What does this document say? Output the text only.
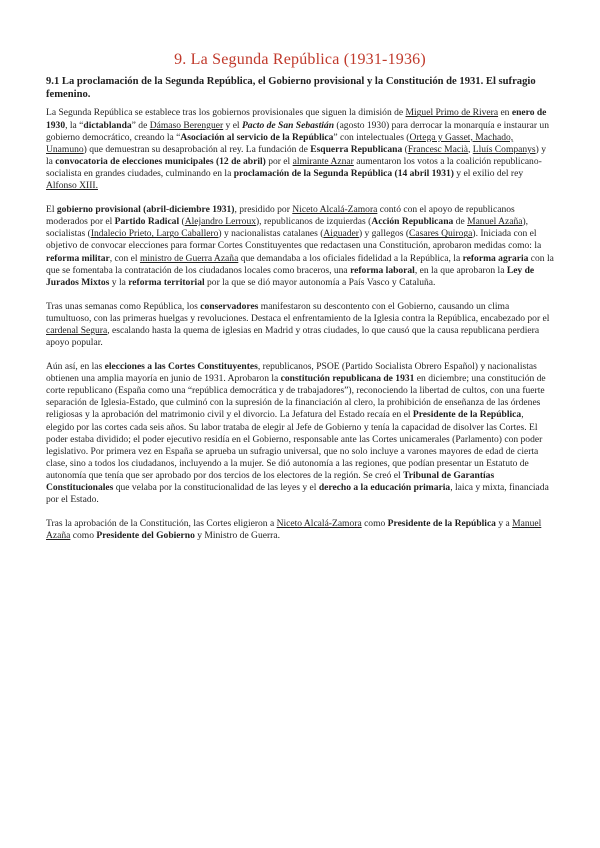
9. La Segunda República (1931-1936)
9.1 La proclamación de la Segunda República, el Gobierno provisional y la Constitución de 1931. El sufragio femenino.

La Segunda República se establece tras los gobiernos provisionales que siguen la dimisión de Miguel Primo de Rivera en enero de 1930, la “dictablanda” de Dámaso Berenguer y el Pacto de San Sebastián (agosto 1930) para derrocar la monarquía e instaurar un gobierno democrático, creando la “Asociación al servicio de la República” con intelectuales (Ortega y Gasset, Machado, Unamuno) que demuestran su desaprobación al rey. La fundación de Esquerra Republicana (Francesc Macià, Lluís Companys) y la convocatoria de elecciones municipales (12 de abril) por el almirante Aznar aumentaron los votos a la coalición republicano-socialista en grandes ciudades, culminando en la proclamación de la Segunda República (14 abril 1931) y el exilio del rey Alfonso XIII.

El gobierno provisional (abril-diciembre 1931), presidido por Niceto Alcalá-Zamora contó con el apoyo de republicanos moderados por el Partido Radical (Alejandro Lerroux), republicanos de izquierdas (Acción Republicana de Manuel Azaña), socialistas (Indalecio Prieto, Largo Caballero) y nacionalistas catalanes (Aiguader) y gallegos (Casares Quiroga). Iniciada con el objetivo de convocar elecciones para formar Cortes Constituyentes que redactasen una Constitución, aprobaron medidas como: la reforma militar, con el ministro de Guerra Azaña que demandaba a los oficiales fidelidad a la República, la reforma agraria con la que se fomentaba la contratación de los ciudadanos locales como braceros, una reforma laboral, en la que aprobaron la Ley de Jurados Mixtos y la reforma territorial por la que se dió mayor autonomía a País Vasco y Cataluña.

Tras unas semanas como República, los conservadores manifestaron su descontento con el Gobierno, causando un clima tumultuoso, con las primeras huelgas y revoluciones. Destaca el enfrentamiento de la Iglesia contra la República, encabezado por el cardenal Segura, escalando hasta la quema de iglesias en Madrid y otras ciudades, lo que causó que la causa republicana perdiera apoyo popular.

Aún así, en las elecciones a las Cortes Constituyentes, republicanos, PSOE (Partido Socialista Obrero Español) y nacionalistas obtienen una amplia mayoría en junio de 1931. Aprobaron la constitución republicana de 1931 en diciembre; una constitución de corte republicano (España como una “república democrática y de trabajadores”), reconociendo la libertad de cultos, con una fuerte separación de Iglesia-Estado, que culminó con la supresión de la financiación al clero, la prohibición de enseñanza de las órdenes religiosas y la aprobación del matrimonio civil y el divorcio. La Jefatura del Estado recaía en el Presidente de la República, elegido por las cortes cada seis años. Su labor trataba de elegir al Jefe de Gobierno y tenía la capacidad de disolver las Cortes. El poder estaba dividido; el poder ejecutivo residía en el Gobierno, responsable ante las Cortes unicamerales (Parlamento) con poder legislativo. Por primera vez en España se aprueba un sufragio universal, que no solo incluye a varones mayores de edad de cierta clase, sino a todos los ciudadanos, incluyendo a la mujer. Se dió autonomía a las regiones, que podían presentar un Estatuto de autonomía que tenía que ser aprobado por dos tercios de los electores de la región. Se creó el Tribunal de Garantías Constitucionales que velaba por la constitucionalidad de las leyes y el derecho a la educación primaria, laica y mixta, financiada por el Estado.

Tras la aprobación de la Constitución, las Cortes eligieron a Niceto Alcalá-Zamora como Presidente de la República y a Manuel Azaña como Presidente del Gobierno y Ministro de Guerra.
